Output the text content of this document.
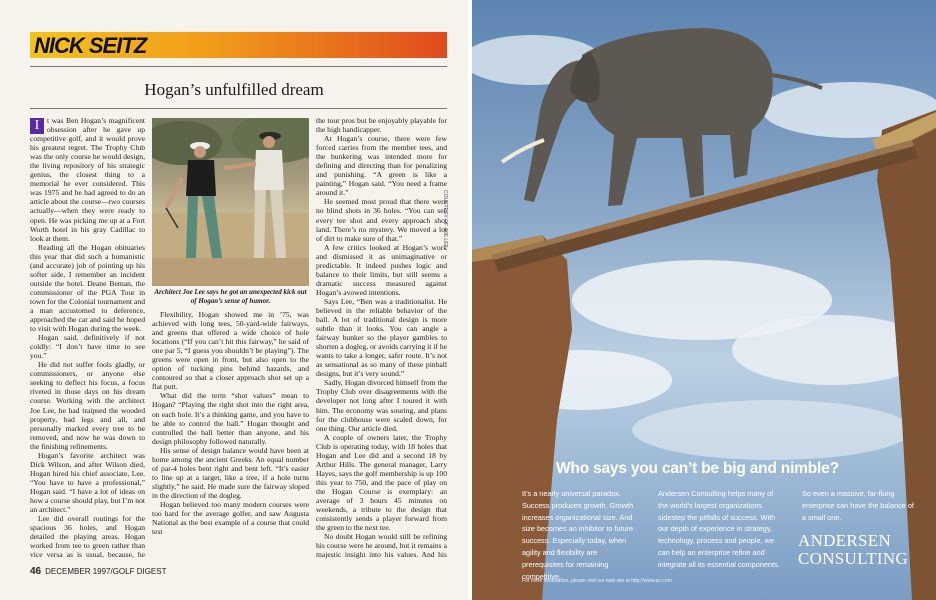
NICK SEITZ
Hogan’s unfulfilled dream
I	t was Ben Hogan’s magnificent obsession after he gave up competitive golf, and it would prove his greatest regret. The Trophy Club was the only course he would design, the living repository of his strategic genius, the closest thing to a memorial he ever considered. This was 1975 and he had agreed to do an article about the course—two courses actually—when they were ready to open. He was picking me up at a Fort Worth hotel in his gray Cadillac to look at them.

Reading all the Hogan obituaries this year that did such a humanistic (and accurate) job of pointing up his softer side, I remember an incident outside the hotel. Deane Beman, the commissioner of the PGA Tour in town for the Colonial tournament and a man accustomed to deference, approached the car and said he hoped to visit with Hogan during the week.

Hogan said, definitively if not coldly: “I don’t have time to see you.”

He did not suffer fools gladly, or commissioners, or anyone else seeking to deflect his focus, a focus riveted in those days on his dream course. Working with the architect Joe Lee, he had traipsed the wooded property, bad legs and all, and personally marked every tree to be removed, and now he was down to the finishing refinements.

Hogan’s favorite architect was Dick Wilson, and after Wilson died, Hogan hired his chief associate, Lee. “You have to have a professional,” Hogan said. “I have a lot of ideas on how a course should play, but I’m not an architect.”

Lee did overall routings for the spacious 36 holes, and Hogan detailed the playing areas. Hogan worked from tee to green rather than vice versa as is usual, because, he

Architect Joe Lee says he got an unexpected kick out of Hogan’s sense of humor.

Flexibility, Hogan showed me in ’75, was achieved with long tees, 50-yard-wide fairways, and greens that offered a wide choice of hole locations (“If you can’t hit this fairway,” he said of one par 5, “I guess you shouldn’t be playing”). The greens were open in front, but also open to the option of tucking pins behind hazards, and contoured so that a closer approach shot set up a flat putt.

What did the term “shot values” mean to Hogan? “Playing the right shot into the right area, on each hole. It’s a thinking game, and you have to be able to control the ball.” Hogan thought and controlled the ball better than anyone, and his design philosophy followed naturally.

His sense of design balance would have been at home among the ancient Greeks. An equal number of par-4 holes bent right and bent left. “It’s easier to line up at a target, like a tree, if a hole turns slightly,” he said. He made sure the fairway sloped in the direction of the dogleg.

Hogan believed too many modern courses were too hard for the average golfer, and saw Augusta National as the best example of a course that could test

the tour pros but be enjoyably playable for the high handicapper.

At Hogan’s course, there were few forced carries from the member tees, and the bunkering was intended more for defining and directing than for penalizing and punishing. “A green is like a painting,” Hogan said. “You need a frame around it.”

He seemed most proud that there were no blind shots in 36 holes. “You can see every tee shot and every approach shot land. There’s no mystery. We moved a lot of dirt to make sure of that.”

A few critics looked at Hogan’s work and dismissed it as unimaginative or predictable. It indeed pushes logic and balance to their limits, but still seems a dramatic success measured against Hogan’s avowed intentions.

Says Lee, “Ben was a traditionalist. He believed in the reliable behavior of the ball. A lot of traditional design is more subtle than it looks. You can angle a fairway bunker so the player gambles to shorten a dogleg, or avoids carrying it if he wants to take a longer, safer route. It’s not as sensational as so many of these pinball designs, but it’s very sound.”

Sadly, Hogan divorced himself from the Trophy Club over disagreements with the developer not long after I toured it with him. The economy was souring, and plans for the clubhouse were scaled down, for one thing. Our article died.

A couple of owners later, the Trophy Club is operating today, with 18 holes that Hogan and Lee did and a second 18 by Arthur Hills. The general manager, Larry Hayes, says the golf membership is up 100 this year to 750, and the pace of play on the Hogan Course is exemplary: an average of 3 hours 45 minutes on weekends, a tribute to the design that consistently sends a player forward from the green to the next tee.

No doubt Hogan would still be refining his course were he around, but it remains a majestic insight into his values. And his

46 DECEMBER 1997/GOLF DIGEST
COURTESY OF JOE LEE
Who says you can’t be big and nimble?
It’s a nearly universal paradox. Success produces growth. Growth increases organizational size. And size becomes an inhibitor to future success. Especially today, when agility and flexibility are prerequisites for remaining competitive.
Andersen Consulting helps many of the world’s largest organizations sidestep the pitfalls of success. With our depth of experience in strategy, technology, process and people, we can help an enterprise refine and integrate all its essential components.
So even a massive, far-flung enterprise can have the balance of a small one.
ANDERSEN
CONSULTING
For more information, please visit our web site at http://www.ac.com
